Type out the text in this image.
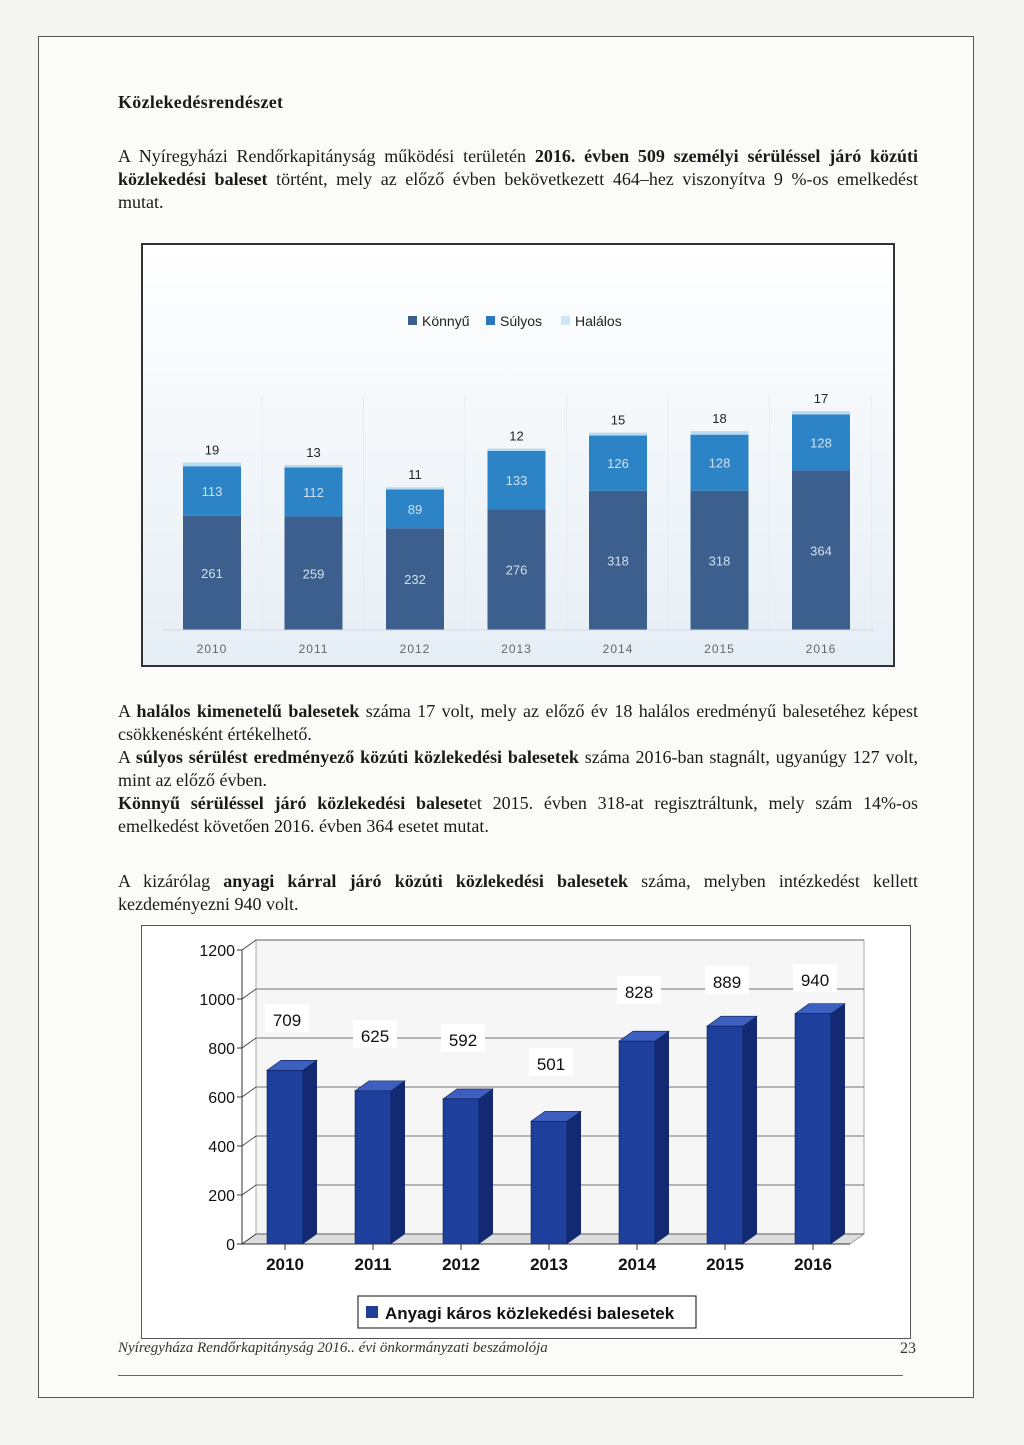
Közlekedésrendészet

A Nyíregyházi Rendőrkapitányság működési területén 2016. évben 509 személyi sérüléssel járó közúti közlekedési baleset történt, mely az előző évben bekövetkezett 464–hez viszonyítva 9 %-os emelkedést mutat.

Könnyű Súlyos Halálos
261
113
19
2010
259
112
13
2011
232
89
11
2012
276
133
12
2013
318
126
15
2014
318
128
18
2015
364
128
17
2016

A halálos kimenetelű balesetek száma 17 volt, mely az előző év 18 halálos eredményű balesetéhez képest csökkenésként értékelhető.
A súlyos sérülést eredményező közúti közlekedési balesetek száma 2016-ban stagnált, ugyanúgy 127 volt, mint az előző évben.
Könnyű sérüléssel járó közlekedési balesetet 2015. évben 318-at regisztráltunk, mely szám 14%-os emelkedést követően 2016. évben 364 esetet mutat.

A kizárólag anyagi kárral járó közúti közlekedési balesetek száma, melyben intézkedést kellett kezdeményezni 940 volt.

0
200
400
600
800
1000
1200
709
2010
625
2011
592
2012
501
2013
828
2014
889
2015
940
2016
Anyagi káros közlekedési balesetek
Nyíregyháza Rendőrkapitányság 2016.. évi önkormányzati beszámolója	23
